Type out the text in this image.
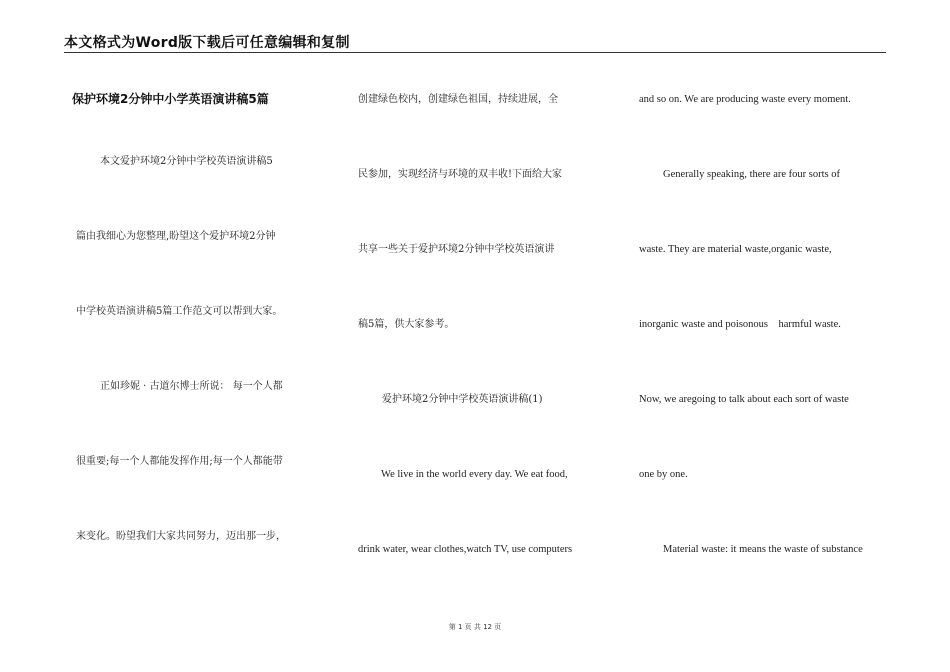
本文格式为Word版下载后可任意编辑和复制
保护环境2分钟中小学英语演讲稿5篇
本文爱护环境2分钟中学校英语演讲稿5
篇由我细心为您整理,盼望这个爱护环境2分钟
中学校英语演讲稿5篇工作范文可以帮到大家。
正如珍妮 · 古道尔博士所说： 每一个人都
很重要;每一个人都能发挥作用;每一个人都能带
来变化。盼望我们大家共同努力，迈出那一步，
创建绿色校内，创建绿色祖国，持续进展，全
民参加，实现经济与环境的双丰收!下面给大家
共享一些关于爱护环境2分钟中学校英语演讲
稿5篇，供大家参考。
爱护环境2分钟中学校英语演讲稿(1)
We live in the world every day. We eat food,
drink water, wear clothes,watch TV, use computers
and so on. We are producing waste every moment.
Generally speaking, there are four sorts of
waste. They are material waste,organic waste,
inorganic waste and poisonous    harmful waste.
Now, we aregoing to talk about each sort of waste
one by one.
Material waste: it means the waste of substance
第 1 页 共 12 页
